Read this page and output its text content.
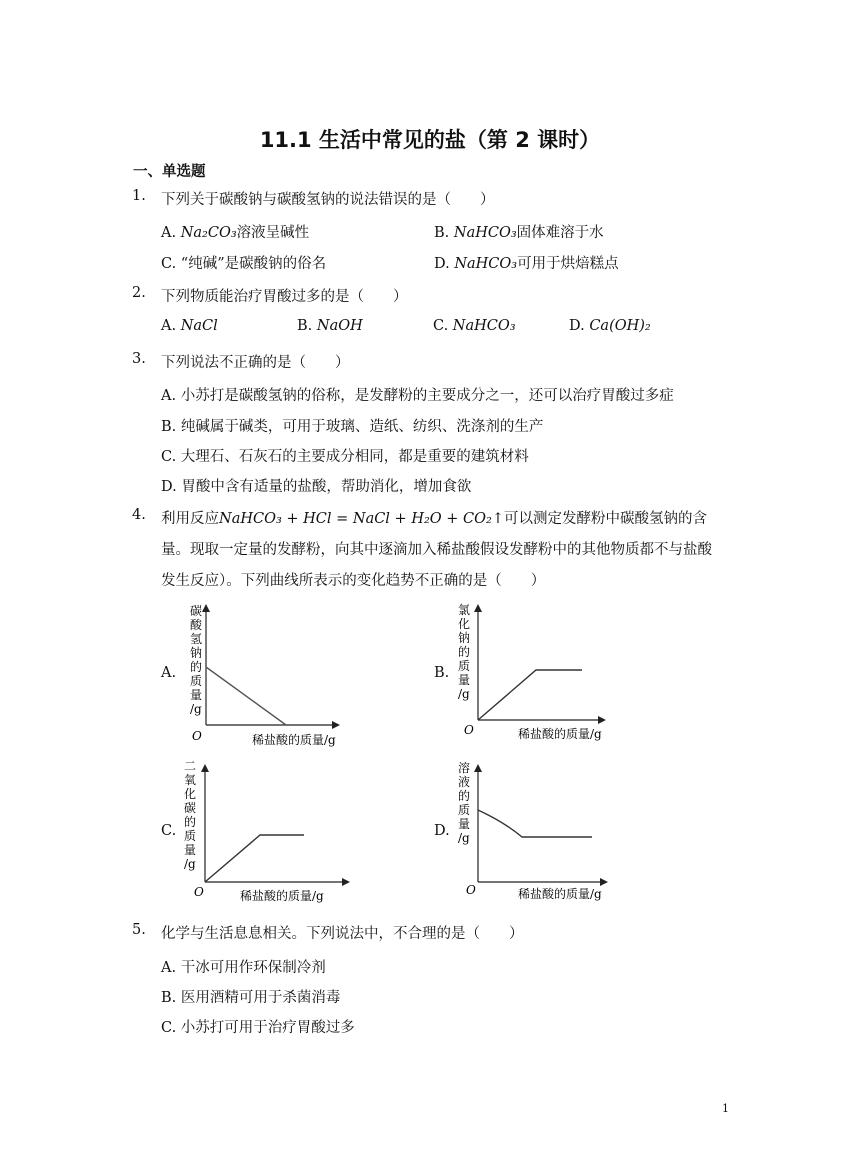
11.1 生活中常见的盐（第 2 课时）
一、单选题
1. 下列关于碳酸钠与碳酸氢钠的说法错误的是（　　）
A. Na₂CO₃溶液呈碱性	B. NaHCO₃固体难溶于水
C. “纯碱”是碳酸钠的俗名	D. NaHCO₃可用于烘焙糕点
2. 下列物质能治疗胃酸过多的是（　　）
A. NaCl	B. NaOH	C. NaHCO₃	D. Ca(OH)₂
3. 下列说法不正确的是（　　）
A. 小苏打是碳酸氢钠的俗称，是发酵粉的主要成分之一，还可以治疗胃酸过多症
B. 纯碱属于碱类，可用于玻璃、造纸、纺织、洗涤剂的生产
C. 大理石、石灰石的主要成分相同，都是重要的建筑材料
D. 胃酸中含有适量的盐酸，帮助消化，增加食欲
4. 利用反应NaHCO₃ + HCl = NaCl + H₂O + CO₂↑可以测定发酵粉中碳酸氢钠的含
量。现取一定量的发酵粉，向其中逐滴加入稀盐酸假设发酵粉中的其他物质都不与盐酸
发生反应）。下列曲线所表示的变化趋势不正确的是（　　）
A.
O	稀盐酸的质量/g
碳
酸
氢
钠
的
质
量
/g
B.
O	稀盐酸的质量/g
氯
化
钠
的
质
量
/g
C.
O	稀盐酸的质量/g
二
氧
化
碳
的
质
量
/g
D.
O	稀盐酸的质量/g
溶
液
的
质
量
/g
5. 化学与生活息息相关。下列说法中，不合理的是（　　）
A. 干冰可用作环保制冷剂
B. 医用酒精可用于杀菌消毒
C. 小苏打可用于治疗胃酸过多
1
